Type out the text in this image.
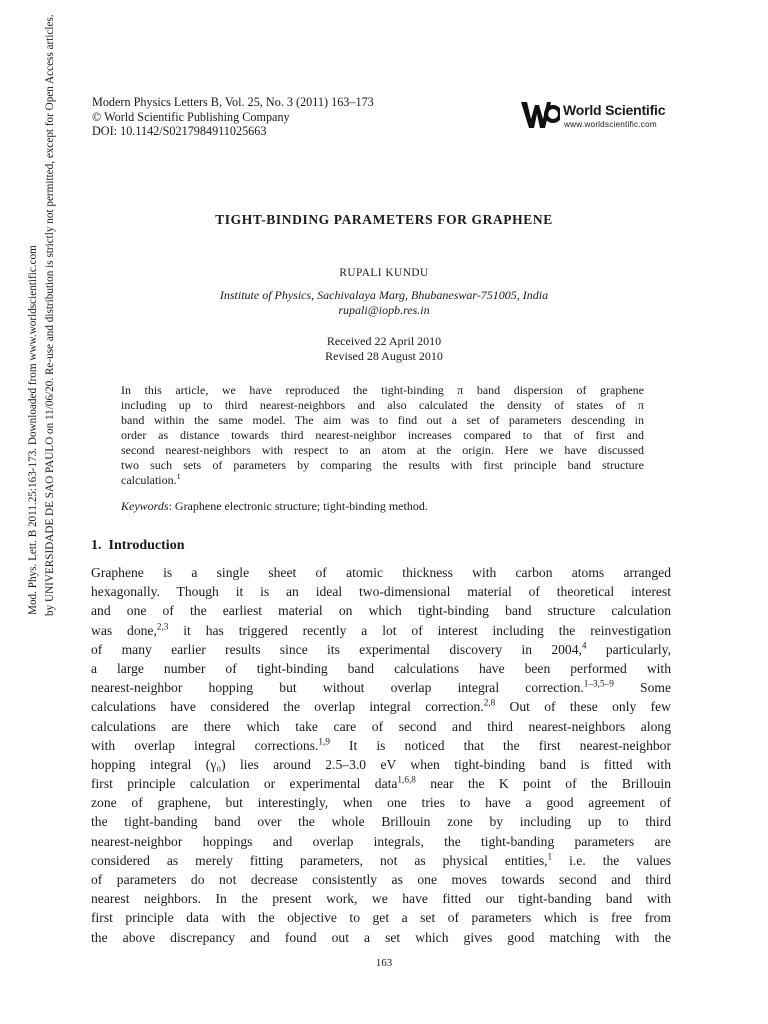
Modern Physics Letters B, Vol. 25, No. 3 (2011) 163–173
© World Scientific Publishing Company
DOI: 10.1142/S0217984911025663
World Scientific
www.worldscientific.com
Mod. Phys. Lett. B 2011.25:163-173. Downloaded from www.worldscientific.com by UNIVERSIDADE DE SAO PAULO on 11/06/20. Re-use and distribution is strictly not permitted, except for Open Access articles.	TIGHT-BINDING PARAMETERS FOR GRAPHENE
RUPALI KUNDU
Institute of Physics, Sachivalaya Marg, Bhubaneswar-751005, India
rupali@iopb.res.in
Received 22 April 2010
Revised 28 August 2010
In this article, we have reproduced the tight-binding π band dispersion of graphene
including up to third nearest-neighbors and also calculated the density of states of π
band within the same model. The aim was to find out a set of parameters descending in
order as distance towards third nearest-neighbor increases compared to that of first and
second nearest-neighbors with respect to an atom at the origin. Here we have discussed
two such sets of parameters by comparing the results with first principle band structure
calculation.$^1$
Keywords: Graphene electronic structure; tight-binding method.
1. Introduction
Graphene is a single sheet of atomic thickness with carbon atoms arranged
hexagonally. Though it is an ideal two-dimensional material of theoretical interest
and one of the earliest material on which tight-binding band structure calculation
was done,$^{2,3}$ it has triggered recently a lot of interest including the reinvestigation
of many earlier results since its experimental discovery in 2004,$^4$ particularly,
a large number of tight-binding band calculations have been performed with
nearest-neighbor hopping but without overlap integral correction.$^{1-3,5-9}$ Some
calculations have considered the overlap integral correction.$^{2,8}$ Out of these only few
calculations are there which take care of second and third nearest-neighbors along
with overlap integral corrections.$^{1,9}$ It is noticed that the first nearest-neighbor
hopping integral (γ₀) lies around 2.5–3.0 eV when tight-binding band is fitted with
first principle calculation or experimental data$^{1,6,8}$ near the K point of the Brillouin
zone of graphene, but interestingly, when one tries to have a good agreement of
the tight-banding band over the whole Brillouin zone by including up to third
nearest-neighbor hoppings and overlap integrals, the tight-banding parameters are
considered as merely fitting parameters, not as physical entities,$^1$ i.e. the values
of parameters do not decrease consistently as one moves towards second and third
nearest neighbors. In the present work, we have fitted our tight-banding band with
first principle data with the objective to get a set of parameters which is free from
the above discrepancy and found out a set which gives good matching with the
163
